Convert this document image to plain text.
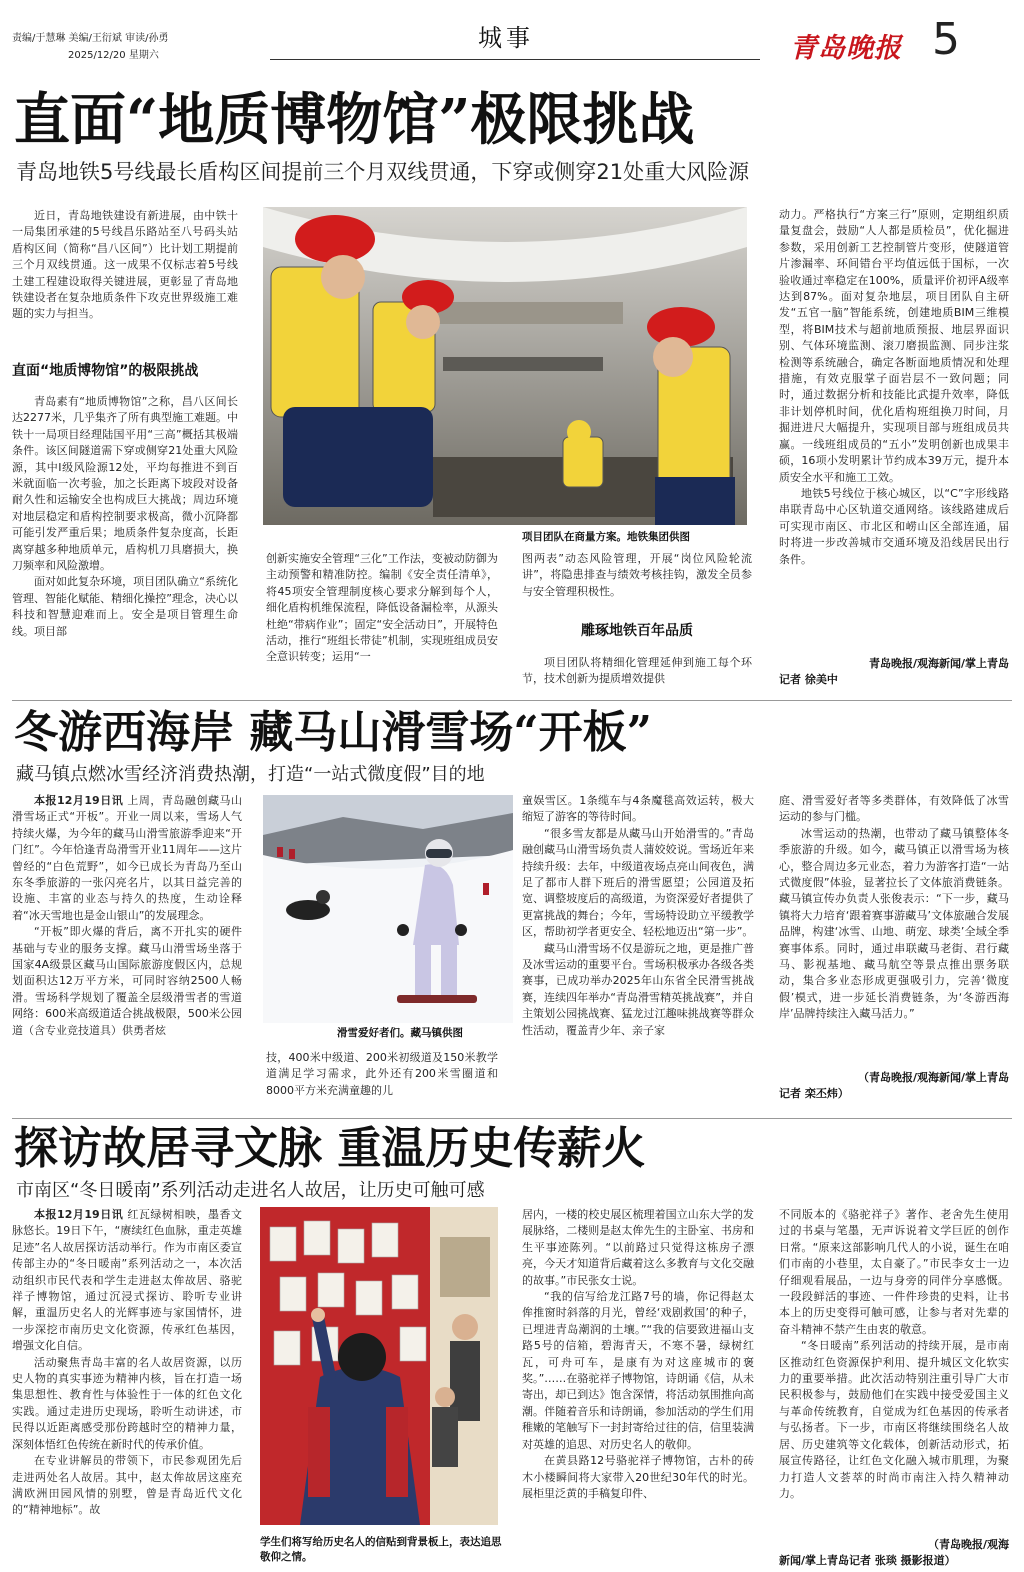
责编/于慧琳 美编/王衍斌 审读/孙勇
2025/12/20 星期六
城事	青岛晚报 5
直面“地质博物馆”极限挑战
青岛地铁5号线最长盾构区间提前三个月双线贯通，下穿或侧穿21处重大风险源

近日，青岛地铁建设有新进展，由中铁十一局集团承建的5号线昌乐路站至八号码头站盾构区间（简称“昌八区间”）比计划工期提前三个月双线贯通。这一成果不仅标志着5号线土建工程建设取得关键进展，更彰显了青岛地铁建设者在复杂地质条件下攻克世界级施工难题的实力与担当。

直面“地质博物馆”的极限挑战

青岛素有“地质博物馆”之称，昌八区间长达2277米，几乎集齐了所有典型施工难题。中铁十一局项目经理陆国平用“三高”概括其极端条件。该区间隧道需下穿或侧穿21处重大风险源，其中Ⅰ级风险源12处，平均每推进不到百米就面临一次考验，加之长距离下坡段对设备耐久性和运输安全也构成巨大挑战；周边环境对地层稳定和盾构控制要求极高，微小沉降都可能引发严重后果；地质条件复杂度高，长距离穿越多种地质单元，盾构机刀具磨损大，换刀频率和风险激增。

面对如此复杂环境，项目团队确立“系统化管理、智能化赋能、精细化操控”理念，决心以科技和智慧迎难而上。安全是项目管理生命线。项目部

项目团队在商量方案。地铁集团供图

创新实施安全管理“三化”工作法，变被动防御为主动预警和精准防控。编制《安全责任清单》，将45项安全管理制度核心要求分解到每个人，细化盾构机维保流程，降低设备漏检率，从源头杜绝“带病作业”；固定“安全活动日”，开展特色活动，推行“班组长带徒”机制，实现班组成员安全意识转变；运用“一

图两表”动态风险管理，开展“岗位风险轮流讲”，将隐患排查与绩效考核挂钩，激发全员参与安全管理积极性。

雕琢地铁百年品质

项目团队将精细化管理延伸到施工每个环节，技术创新为提质增效提供

动力。严格执行“方案三行”原则，定期组织质量复盘会，鼓励“人人都是质检员”，优化掘进参数，采用创新工艺控制管片变形，使隧道管片渗漏率、环间错台平均值远低于国标，一次验收通过率稳定在100%，质量评价初评A级率达到87%。面对复杂地层，项目团队自主研发“五官一脑”智能系统，创建地质BIM三维模型，将BIM技术与超前地质预报、地层界面识别、气体环境监测、滚刀磨损监测、同步注浆检测等系统融合，确定各断面地质情况和处理措施，有效克服掌子面岩层不一致问题；同时，通过数据分析和技能比武提升效率，降低非计划停机时间，优化盾构班组换刀时间，月掘进进尺大幅提升，实现项目部与班组成员共赢。一线班组成员的“五小”发明创新也成果丰硕，16项小发明累计节约成本39万元，提升本质安全水平和施工工效。

地铁5号线位于核心城区，以“C”字形线路串联青岛中心区轨道交通网络。该线路建成后可实现市南区、市北区和崂山区全部连通，届时将进一步改善城市交通环境及沿线居民出行条件。

青岛晚报/观海新闻/掌上青岛
记者 徐美中
冬游西海岸 藏马山滑雪场“开板”
藏马镇点燃冰雪经济消费热潮，打造“一站式微度假”目的地

本报12月19日讯 上周，青岛融创藏马山滑雪场正式“开板”。开业一周以来，雪场人气持续火爆，为今年的藏马山滑雪旅游季迎来“开门红”。今年恰逢青岛滑雪开业11周年——这片曾经的“白色荒野”，如今已成长为青岛乃至山东冬季旅游的一张闪亮名片，以其日益完善的设施、丰富的业态与持久的热度，生动诠释着“冰天雪地也是金山银山”的发展理念。

“开板”即火爆的背后，离不开扎实的硬件基础与专业的服务支撑。藏马山滑雪场坐落于国家4A级景区藏马山国际旅游度假区内，总规划面积达12万平方米，可同时容纳2500人畅滑。雪场科学规划了覆盖全层级滑雪者的雪道网络：600米高级道适合挑战极限，500米公园道（含专业竞技道具）供勇者炫	滑雪爱好者们。藏马镇供图

技，400米中级道、200米初级道及150米教学道满足学习需求，此外还有200米雪圈道和8000平方米充满童趣的儿

童娱雪区。1条缆车与4条魔毯高效运转，极大缩短了游客的等待时间。

“很多雪友都是从藏马山开始滑雪的。”青岛融创藏马山滑雪场负责人蒲姣姣说。雪场近年来持续升级：去年，中级道夜场点亮山间夜色，满足了都市人群下班后的滑雪愿望；公园道及拓宽、调整坡度后的高级道，为资深爱好者提供了更富挑战的舞台；今年，雪场特设助立平缓教学区，帮助初学者更安全、轻松地迈出“第一步”。

藏马山滑雪场不仅是游玩之地，更是推广普及冰雪运动的重要平台。雪场积极承办各级各类赛事，已成功举办2025年山东省全民滑雪挑战赛，连续四年举办“青岛滑雪精英挑战赛”，并自主策划公园挑战赛、猛龙过江趣味挑战赛等群众性活动，覆盖青少年、亲子家

庭、滑雪爱好者等多类群体，有效降低了冰雪运动的参与门槛。

冰雪运动的热潮，也带动了藏马镇整体冬季旅游的升级。如今，藏马镇正以滑雪场为核心，整合周边多元业态，着力为游客打造“一站式微度假”体验，显著拉长了文体旅消费链条。藏马镇宣传办负责人张俊表示：“下一步，藏马镇将大力培育‘跟着赛事游藏马’文体旅融合发展品牌，构建‘冰雪、山地、萌宠、球类’全域全季赛事体系。同时，通过串联藏马老街、君行藏马、影视基地、藏马航空等景点推出票务联动，集合多业态形成更强吸引力，完善‘微度假’模式，进一步延长消费链条，为‘冬游西海岸’品牌持续注入藏马活力。”

（青岛晚报/观海新闻/掌上青岛
记者 栾丕炜）
探访故居寻文脉 重温历史传薪火
市南区“冬日暖南”系列活动走进名人故居，让历史可触可感

本报12月19日讯 红瓦绿树相映，墨香文脉悠长。19日下午，“赓续红色血脉，重走英雄足迹”名人故居探访活动举行。作为市南区委宣传部主办的“冬日暖南”系列活动之一，本次活动组织市民代表和学生走进赵太侔故居、骆驼祥子博物馆，通过沉浸式探访、聆听专业讲解，重温历史名人的光辉事迹与家国情怀，进一步深挖市南历史文化资源，传承红色基因，增强文化自信。

活动聚焦青岛丰富的名人故居资源，以历史人物的真实事迹为精神内核，旨在打造一场集思想性、教育性与体验性于一体的红色文化实践。通过走进历史现场，聆听生动讲述，市民得以近距离感受那份跨越时空的精神力量，深刻体悟红色传统在新时代的传承价值。

在专业讲解员的带领下，市民参观团先后走进两处名人故居。其中，赵太侔故居这座充满欧洲田园风情的别墅，曾是青岛近代文化的“精神地标”。故

学生们将写给历史名人的信贴到背景板上，表达追思敬仰之情。

居内，一楼的校史展区梳理着国立山东大学的发展脉络，二楼则是赵太侔先生的主卧室、书房和生平事迹陈列。“以前路过只觉得这栋房子漂亮，今天才知道背后藏着这么多教育与文化交融的故事。”市民张女士说。

“我的信写给龙江路7号的墙，你记得赵太侔推窗时斜落的月光，曾经‘戏剧救国’的种子，已埋进青岛潮润的土壤。”“我的信要致进福山支路5号的信箱，碧海青天，不寒不暑，绿树红瓦，可舟可车，是康有为对这座城市的褒奖。”……在骆驼祥子博物馆，诗朗诵《信，从未寄出，却已到达》饱含深情，将活动氛围推向高潮。伴随着音乐和诗朗诵，参加活动的学生们用稚嫩的笔触写下一封封寄给过往的信，信里装满对英雄的追思、对历史名人的敬仰。

在黄县路12号骆驼祥子博物馆，古朴的砖木小楼瞬间将大家带入20世纪30年代的时光。展柜里泛黄的手稿复印件、

不同版本的《骆驼祥子》著作、老舍先生使用过的书桌与笔墨，无声诉说着文学巨匠的创作日常。“原来这部影响几代人的小说，诞生在咱们市南的小巷里，太自豪了。”市民李女士一边仔细观看展品，一边与身旁的同伴分享感慨。一段段鲜活的事迹、一件件珍贵的史料，让书本上的历史变得可触可感，让参与者对先辈的奋斗精神不禁产生由衷的敬意。

“冬日暖南”系列活动的持续开展，是市南区推动红色资源保护利用、提升城区文化软实力的重要举措。此次活动特别注重引导广大市民积极参与，鼓励他们在实践中接受爱国主义与革命传统教育，自觉成为红色基因的传承者与弘扬者。下一步，市南区将继续围绕名人故居、历史建筑等文化载体，创新活动形式，拓展宣传路径，让红色文化融入城市肌理，为聚力打造人文荟萃的时尚市南注入持久精神动力。

（青岛晚报/观海
新闻/掌上青岛记者 张琰 摄影报道）
